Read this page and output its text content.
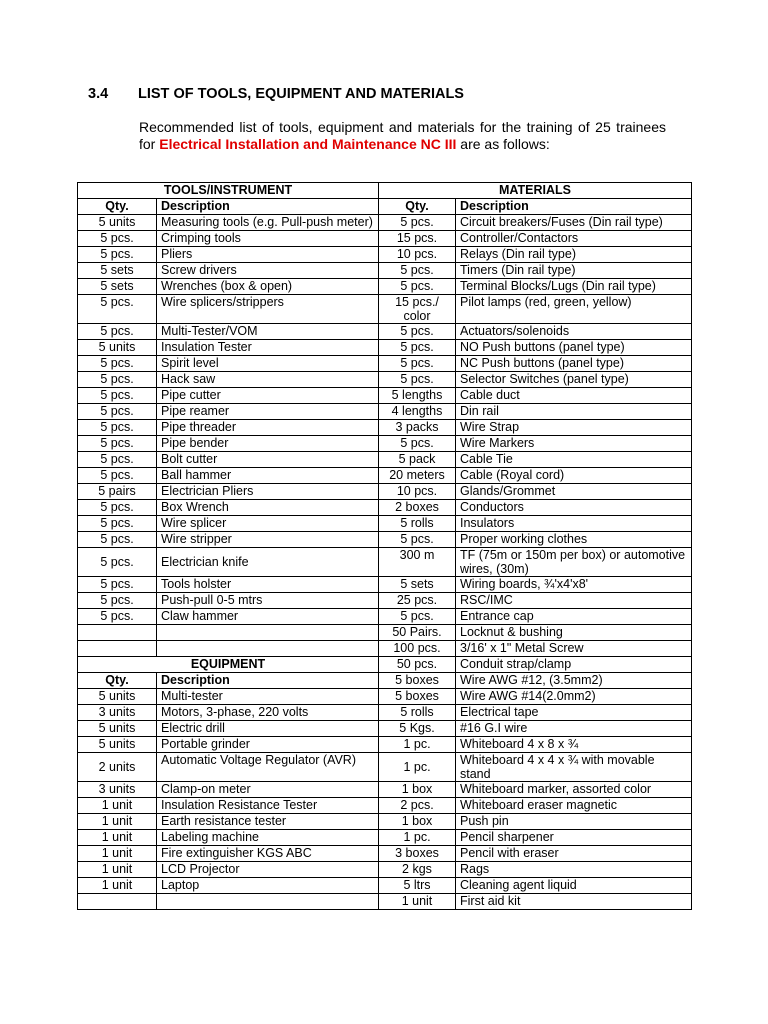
3.4	LIST OF TOOLS, EQUIPMENT AND MATERIALS
Recommended list of tools, equipment and materials for the training of 25 trainees for Electrical Installation and Maintenance NC III are as follows:
TOOLS/INSTRUMENT		MATERIALS	
Qty.	Description	Qty.	Description
5 units	Measuring tools (e.g. Pull-push meter)	5 pcs.	Circuit breakers/Fuses (Din rail type)
5 pcs.	Crimping tools	15 pcs.	Controller/Contactors
5 pcs.	Pliers	10 pcs.	Relays (Din rail type)
5 sets	Screw drivers	5 pcs.	Timers (Din rail type)
5 sets	Wrenches (box & open)	5 pcs.	Terminal Blocks/Lugs (Din rail type)
5 pcs.	Wire splicers/strippers	15 pcs./ color	Pilot lamps (red, green, yellow)
5 pcs.	Multi-Tester/VOM	5 pcs.	Actuators/solenoids
5 units	Insulation Tester	5 pcs.	NO Push buttons (panel type)
5 pcs.	Spirit level	5 pcs.	NC Push buttons (panel type)
5 pcs.	Hack saw	5 pcs.	Selector Switches (panel type)
5 pcs.	Pipe cutter	5 lengths	Cable duct
5 pcs.	Pipe reamer	4 lengths	Din rail
5 pcs.	Pipe threader	3 packs	Wire Strap
5 pcs.	Pipe bender	5 pcs.	Wire Markers
5 pcs.	Bolt cutter	5 pack	Cable Tie
5 pcs.	Ball hammer	20 meters	Cable (Royal cord)
5 pairs	Electrician Pliers	10 pcs.	Glands/Grommet
5 pcs.	Box Wrench	2 boxes	Conductors
5 pcs.	Wire splicer	5 rolls	Insulators
5 pcs.	Wire stripper	5 pcs.	Proper working clothes
5 pcs.	Electrician knife	300 m	TF (75m or 150m per box) or automotive wires, (30m)
5 pcs.	Tools holster	5 sets	Wiring boards, ¾'x4'x8'
5 pcs.	Push-pull 0-5 mtrs	25 pcs.	RSC/IMC
5 pcs.	Claw hammer	5 pcs.	Entrance cap
		50 Pairs.	Locknut & bushing
		100 pcs.	3/16' x 1" Metal Screw
EQUIPMENT		50 pcs.	Conduit strap/clamp
Qty.	Description	5 boxes	Wire AWG #12, (3.5mm2)
5 units	Multi-tester	5 boxes	Wire AWG #14(2.0mm2)
3 units	Motors, 3-phase, 220 volts	5 rolls	Electrical tape
5 units	Electric drill	5 Kgs.	#16 G.I wire
5 units	Portable grinder	1 pc.	Whiteboard 4 x 8 x ¾
2 units	Automatic Voltage Regulator (AVR)	1 pc.	Whiteboard 4 x 4 x ¾ with movable stand
3 units	Clamp-on meter	1 box	Whiteboard marker, assorted color
1 unit	Insulation Resistance Tester	2 pcs.	Whiteboard eraser magnetic
1 unit	Earth resistance tester	1 box	Push pin
1 unit	Labeling machine	1 pc.	Pencil sharpener
1 unit	Fire extinguisher KGS ABC	3 boxes	Pencil with eraser
1 unit	LCD Projector	2 kgs	Rags
1 unit	Laptop	5 ltrs	Cleaning agent liquid
		1 unit	First aid kit
